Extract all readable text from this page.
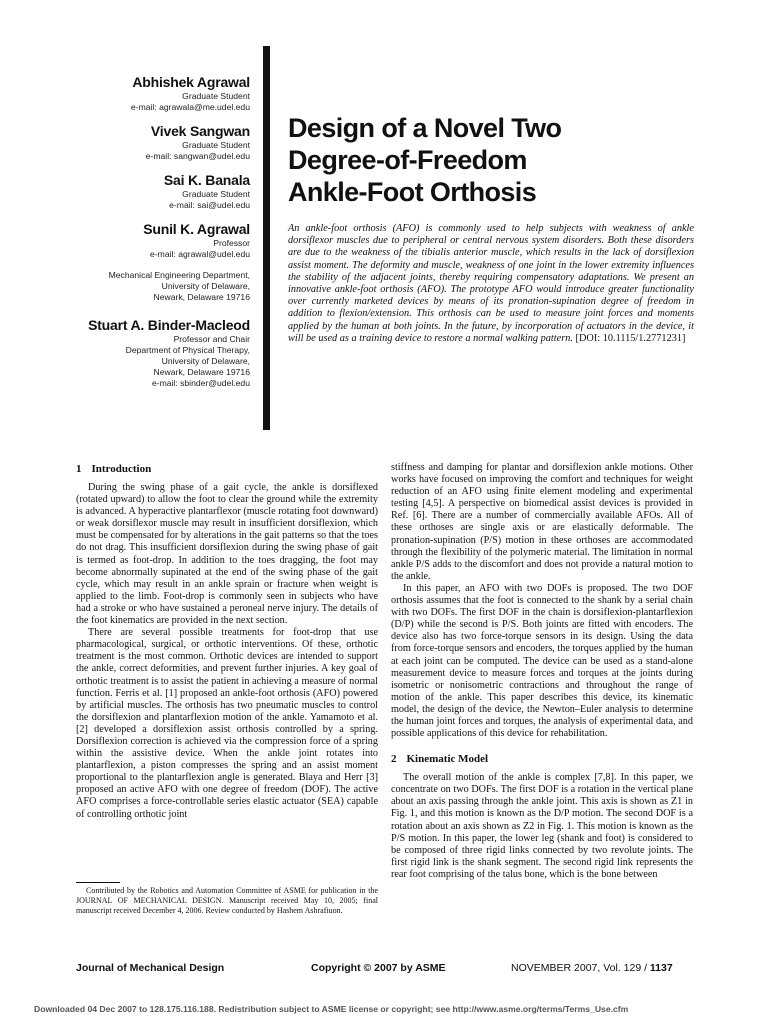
Abhishek Agrawal
Graduate Student
e-mail: agrawala@me.udel.edu
Vivek Sangwan
Graduate Student
e-mail: sangwan@udel.edu
Sai K. Banala
Graduate Student
e-mail: sai@udel.edu
Sunil K. Agrawal
Professor
e-mail: agrawal@udel.edu
Mechanical Engineering Department,
University of Delaware,
Newark, Delaware 19716
Stuart A. Binder-Macleod
Professor and Chair
Department of Physical Therapy,
University of Delaware,
Newark, Delaware 19716
e-mail: sbinder@udel.edu
Design of a Novel Two
Degree-of-Freedom
Ankle-Foot Orthosis
An ankle-foot orthosis (AFO) is commonly used to help subjects with weakness of ankle dorsiflexor muscles due to peripheral or central nervous system disorders. Both these disorders are due to the weakness of the tibialis anterior muscle, which results in the lack of dorsiflexion assist moment. The deformity and muscle, weakness of one joint in the lower extremity influences the stability of the adjacent joints, thereby requiring compensatory adaptations. We present an innovative ankle-foot orthosis (AFO). The prototype AFO would introduce greater functionality over currently marketed devices by means of its pronation-supination degree of freedom in addition to flexion/extension. This orthosis can be used to measure joint forces and moments applied by the human at both joints. In the future, by incorporation of actuators in the device, it will be used as a training device to restore a normal walking pattern. [DOI: 10.1115/1.2771231]
1 Introduction

During the swing phase of a gait cycle, the ankle is dorsiflexed (rotated upward) to allow the foot to clear the ground while the extremity is advanced. A hyperactive plantarflexor (muscle rotating foot downward) or weak dorsiflexor muscle may result in insufficient dorsiflexion, which must be compensated for by alterations in the gait patterns so that the toes do not drag. This insufficient dorsiflexion during the swing phase of gait is termed as foot-drop. In addition to the toes dragging, the foot may become abnormally supinated at the end of the swing phase of the gait cycle, which may result in an ankle sprain or fracture when weight is applied to the limb. Foot-drop is commonly seen in subjects who have had a stroke or who have sustained a peroneal nerve injury. The details of the foot kinematics are provided in the next section.

There are several possible treatments for foot-drop that use pharmacological, surgical, or orthotic interventions. Of these, orthotic treatment is the most common. Orthotic devices are intended to support the ankle, correct deformities, and prevent further injuries. A key goal of orthotic treatment is to assist the patient in achieving a measure of normal function. Ferris et al. [1] proposed an ankle-foot orthosis (AFO) powered by artificial muscles. The orthosis has two pneumatic muscles to control the dorsiflexion and plantarflexion motion of the ankle. Yamamoto et al. [2] developed a dorsiflexion assist orthosis controlled by a spring. Dorsiflexion correction is achieved via the compression force of a spring within the assistive device. When the ankle joint rotates into plantarflexion, a piston compresses the spring and an assist moment proportional to the plantarflexion angle is generated. Blaya and Herr [3] proposed an active AFO with one degree of freedom (DOF). The active AFO comprises a force-controllable series elastic actuator (SEA) capable of controlling orthotic joint

stiffness and damping for plantar and dorsiflexion ankle motions. Other works have focused on improving the comfort and techniques for weight reduction of an AFO using finite element modeling and experimental testing [4,5]. A perspective on biomedical assist devices is provided in Ref. [6]. There are a number of commercially available AFOs. All of these orthoses are single axis or are elastically deformable. The pronation-supination (P/S) motion in these orthoses are accommodated through the flexibility of the polymeric material. The limitation in normal ankle P/S adds to the discomfort and does not provide a natural motion to the ankle.

In this paper, an AFO with two DOFs is proposed. The two DOF orthosis assumes that the foot is connected to the shank by a serial chain with two DOFs. The first DOF in the chain is dorsiflexion-plantarflexion (D/P) while the second is P/S. Both joints are fitted with encoders. The device also has two force-torque sensors in its design. Using the data from force-torque sensors and encoders, the torques applied by the human at each joint can be computed. The device can be used as a stand-alone measurement device to measure forces and torques at the joints during isometric or nonisometric contractions and throughout the range of motion of the ankle. This paper describes this device, its kinematic model, the design of the device, the Newton–Euler analysis to determine the human joint forces and torques, the analysis of experimental data, and possible applications of this device for rehabilitation.

2 Kinematic Model

The overall motion of the ankle is complex [7,8]. In this paper, we concentrate on two DOFs. The first DOF is a rotation in the vertical plane about an axis passing through the ankle joint. This axis is shown as Z1 in Fig. 1, and this motion is known as the D/P motion. The second DOF is a rotation about an axis shown as Z2 in Fig. 1. This motion is known as the P/S motion. In this paper, the lower leg (shank and foot) is considered to be composed of three rigid links connected by two revolute joints. The first rigid link is the shank segment. The second rigid link represents the rear foot comprising of the talus bone, which is the bone between

Contributed by the Robotics and Automation Committee of ASME for publication in the JOURNAL OF MECHANICAL DESIGN. Manuscript received May 10, 2005; final manuscript received December 4, 2006. Review conducted by Hashem Ashrafiuon.
Journal of Mechanical Design	Copyright © 2007 by ASME	NOVEMBER 2007, Vol. 129 / 1137
Downloaded 04 Dec 2007 to 128.175.116.188. Redistribution subject to ASME license or copyright; see http://www.asme.org/terms/Terms_Use.cfm
